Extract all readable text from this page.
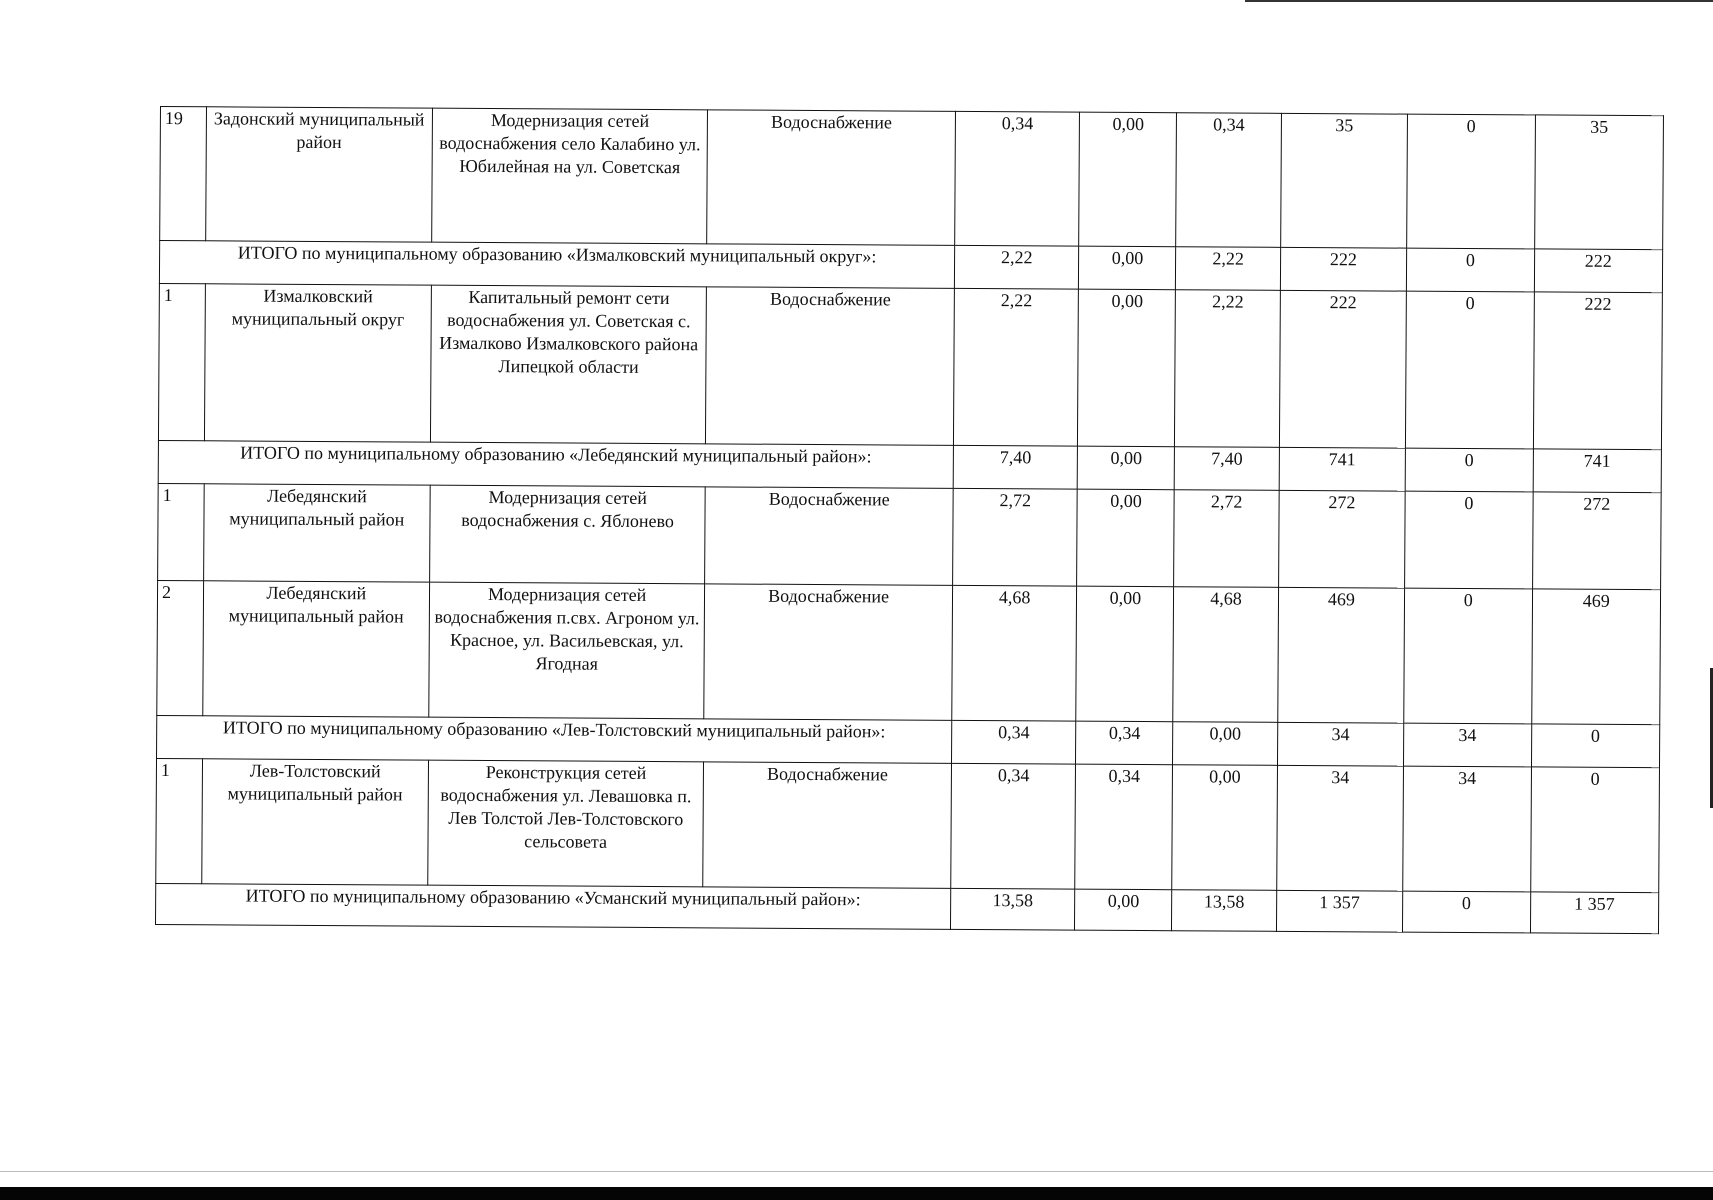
19	Задонский муниципальный район	Модернизация сетей водоснабжения село Калабино ул. Юбилейная на ул. Советская	Водоснабжение	0,34	0,00	0,34	35	0	35
ИТОГО по муниципальному образованию «Измалковский муниципальный округ»:				2,22	0,00	2,22	222	0	222
1	Измалковский муниципальный округ	Капитальный ремонт сети водоснабжения ул. Советская с. Измалково Измалковского района Липецкой области	Водоснабжение	2,22	0,00	2,22	222	0	222
ИТОГО по муниципальному образованию «Лебедянский муниципальный район»:				7,40	0,00	7,40	741	0	741
1	Лебедянский муниципальный район	Модернизация сетей водоснабжения с. Яблонево	Водоснабжение	2,72	0,00	2,72	272	0	272
2	Лебедянский муниципальный район	Модернизация сетей водоснабжения п.свх. Агроном ул. Красное, ул. Васильевская, ул. Ягодная	Водоснабжение	4,68	0,00	4,68	469	0	469
ИТОГО по муниципальному образованию «Лев-Толстовский муниципальный район»:				0,34	0,34	0,00	34	34	0
1	Лев-Толстовский муниципальный район	Реконструкция сетей водоснабжения ул. Левашовка п. Лев Толстой Лев-Толстовского сельсовета	Водоснабжение	0,34	0,34	0,00	34	34	0
ИТОГО по муниципальному образованию «Усманский муниципальный район»:				13,58	0,00	13,58	1 357	0	1 357
